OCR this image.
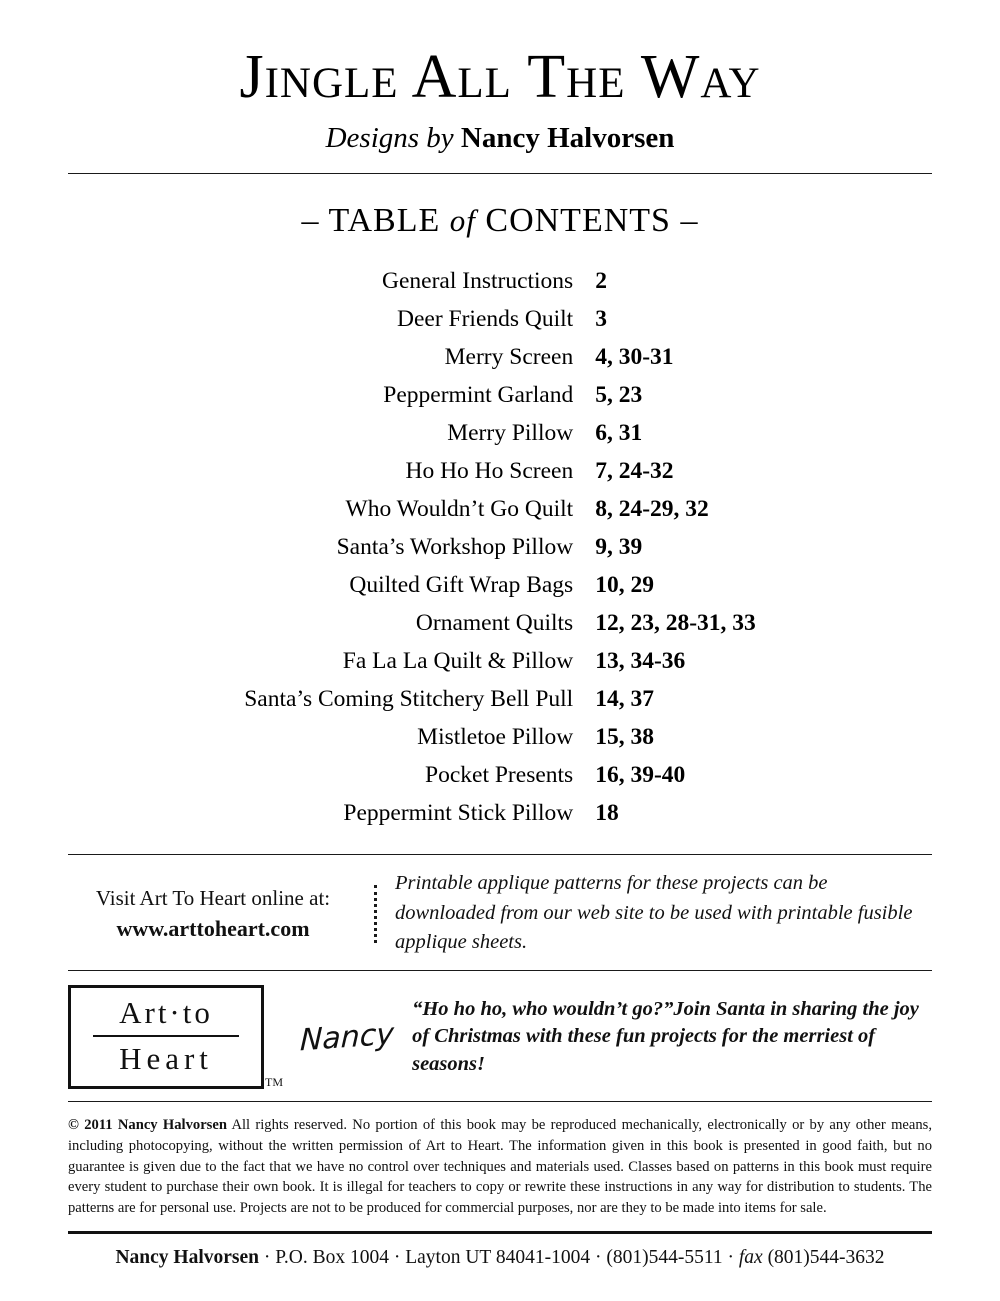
Jingle All The Way
Designs by Nancy Halvorsen
– TABLE of CONTENTS –
General Instructions	2
Deer Friends Quilt	3
Merry Screen	4, 30-31
Peppermint Garland	5, 23
Merry Pillow	6, 31
Ho Ho Ho Screen	7, 24-32
Who Wouldn’t Go Quilt	8, 24-29, 32
Santa’s Workshop Pillow	9, 39
Quilted Gift Wrap Bags	10, 29
Ornament Quilts	12, 23, 28-31, 33
Fa La La Quilt & Pillow	13, 34-36
Santa’s Coming Stitchery Bell Pull	14, 37
Mistletoe Pillow	15, 38
Pocket Presents	16, 39-40
Peppermint Stick Pillow	18
Visit Art To Heart online at:
www.arttoheart.com
Printable applique patterns for these projects can be downloaded from our web site to be used with printable fusible applique sheets.
Art·to
Heart
TM
Nancy
“Ho ho ho, who wouldn’t go?”Join Santa in sharing the joy of Christmas with these fun projects for the merriest of seasons!
© 2011 Nancy Halvorsen All rights reserved. No portion of this book may be reproduced mechanically, electronically or by any other means, including photocopying, without the written permission of Art to Heart. The information given in this book is presented in good faith, but no guarantee is given due to the fact that we have no control over techniques and materials used. Classes based on patterns in this book must require every student to purchase their own book. It is illegal for teachers to copy or rewrite these instructions in any way for distribution to students. The patterns are for personal use. Projects are not to be produced for commercial purposes, nor are they to be made into items for sale.
Nancy Halvorsen · P.O. Box 1004 · Layton UT 84041-1004 · (801)544-5511 · fax (801)544-3632
